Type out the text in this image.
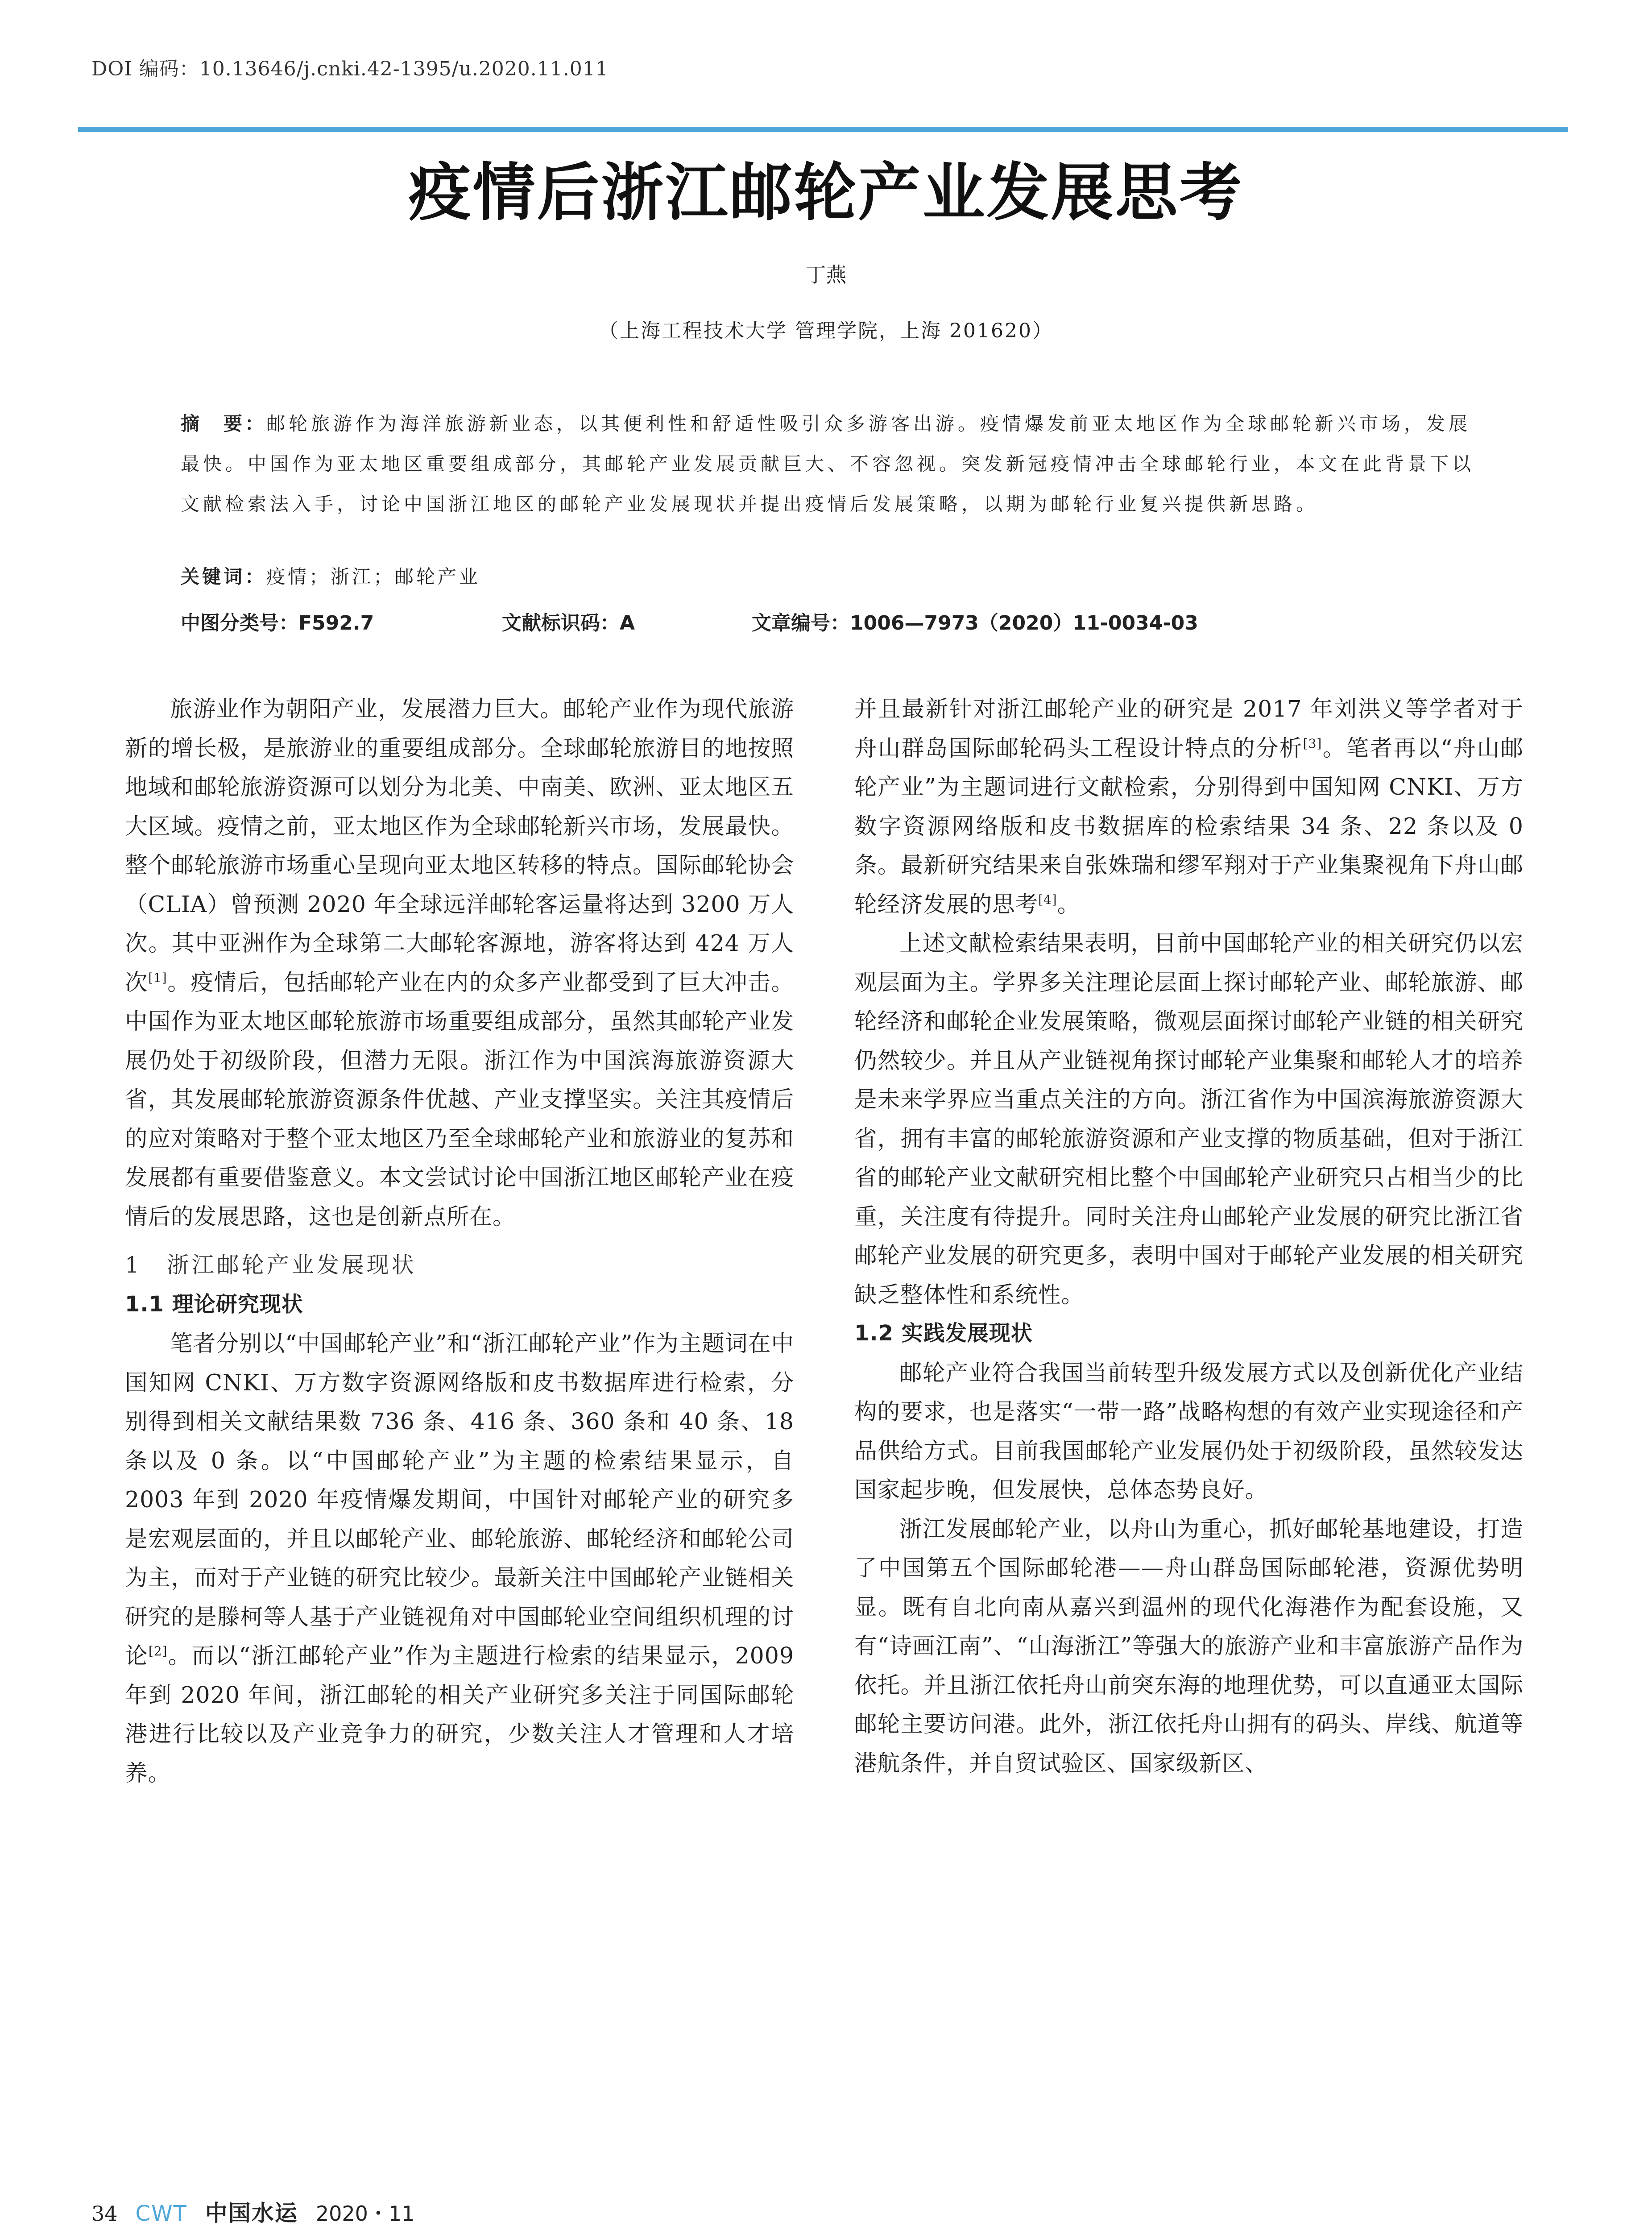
DOI 编码：10.13646/j.cnki.42-1395/u.2020.11.011
疫情后浙江邮轮产业发展思考
丁燕
（上海工程技术大学 管理学院，上海 201620）
摘　要：邮轮旅游作为海洋旅游新业态，以其便利性和舒适性吸引众多游客出游。疫情爆发前亚太地区作为全球邮轮新兴市场，发展最快。中国作为亚太地区重要组成部分，其邮轮产业发展贡献巨大、不容忽视。突发新冠疫情冲击全球邮轮行业，本文在此背景下以文献检索法入手，讨论中国浙江地区的邮轮产业发展现状并提出疫情后发展策略，以期为邮轮行业复兴提供新思路。
关键词：疫情；浙江；邮轮产业
中图分类号：F592.7	文献标识码：A	文章编号：1006—7973（2020）11-0034-03

旅游业作为朝阳产业，发展潜力巨大。邮轮产业作为现代旅游新的增长极，是旅游业的重要组成部分。全球邮轮旅游目的地按照地域和邮轮旅游资源可以划分为北美、中南美、欧洲、亚太地区五大区域。疫情之前，亚太地区作为全球邮轮新兴市场，发展最快。整个邮轮旅游市场重心呈现向亚太地区转移的特点。国际邮轮协会（CLIA）曾预测 2020 年全球远洋邮轮客运量将达到 3200 万人次。其中亚洲作为全球第二大邮轮客源地，游客将达到 424 万人次[1]。疫情后，包括邮轮产业在内的众多产业都受到了巨大冲击。中国作为亚太地区邮轮旅游市场重要组成部分，虽然其邮轮产业发展仍处于初级阶段，但潜力无限。浙江作为中国滨海旅游资源大省，其发展邮轮旅游资源条件优越、产业支撑坚实。关注其疫情后的应对策略对于整个亚太地区乃至全球邮轮产业和旅游业的复苏和发展都有重要借鉴意义。本文尝试讨论中国浙江地区邮轮产业在疫情后的发展思路，这也是创新点所在。

1　浙江邮轮产业发展现状

1.1 理论研究现状

笔者分别以“中国邮轮产业”和“浙江邮轮产业”作为主题词在中国知网 CNKI、万方数字资源网络版和皮书数据库进行检索，分别得到相关文献结果数 736 条、416 条、360 条和 40 条、18 条以及 0 条。以“中国邮轮产业”为主题的检索结果显示，自 2003 年到 2020 年疫情爆发期间，中国针对邮轮产业的研究多是宏观层面的，并且以邮轮产业、邮轮旅游、邮轮经济和邮轮公司为主，而对于产业链的研究比较少。最新关注中国邮轮产业链相关研究的是滕柯等人基于产业链视角对中国邮轮业空间组织机理的讨论[2]。而以“浙江邮轮产业”作为主题进行检索的结果显示，2009 年到 2020 年间，浙江邮轮的相关产业研究多关注于同国际邮轮港进行比较以及产业竞争力的研究，少数关注人才管理和人才培养。

并且最新针对浙江邮轮产业的研究是 2017 年刘洪义等学者对于舟山群岛国际邮轮码头工程设计特点的分析[3]。笔者再以“舟山邮轮产业”为主题词进行文献检索，分别得到中国知网 CNKI、万方数字资源网络版和皮书数据库的检索结果 34 条、22 条以及 0 条。最新研究结果来自张姝瑞和缪军翔对于产业集聚视角下舟山邮轮经济发展的思考[4]。

上述文献检索结果表明，目前中国邮轮产业的相关研究仍以宏观层面为主。学界多关注理论层面上探讨邮轮产业、邮轮旅游、邮轮经济和邮轮企业发展策略，微观层面探讨邮轮产业链的相关研究仍然较少。并且从产业链视角探讨邮轮产业集聚和邮轮人才的培养是未来学界应当重点关注的方向。浙江省作为中国滨海旅游资源大省，拥有丰富的邮轮旅游资源和产业支撑的物质基础，但对于浙江省的邮轮产业文献研究相比整个中国邮轮产业研究只占相当少的比重，关注度有待提升。同时关注舟山邮轮产业发展的研究比浙江省邮轮产业发展的研究更多，表明中国对于邮轮产业发展的相关研究缺乏整体性和系统性。

1.2 实践发展现状

邮轮产业符合我国当前转型升级发展方式以及创新优化产业结构的要求，也是落实“一带一路”战略构想的有效产业实现途径和产品供给方式。目前我国邮轮产业发展仍处于初级阶段，虽然较发达国家起步晚，但发展快，总体态势良好。

浙江发展邮轮产业，以舟山为重心，抓好邮轮基地建设，打造了中国第五个国际邮轮港——舟山群岛国际邮轮港，资源优势明显。既有自北向南从嘉兴到温州的现代化海港作为配套设施，又有“诗画江南”、“山海浙江”等强大的旅游产业和丰富旅游产品作为依托。并且浙江依托舟山前突东海的地理优势，可以直通亚太国际邮轮主要访问港。此外，浙江依托舟山拥有的码头、岸线、航道等港航条件，并自贸试验区、国家级新区、

34 CWT 中国水运 2020・11
